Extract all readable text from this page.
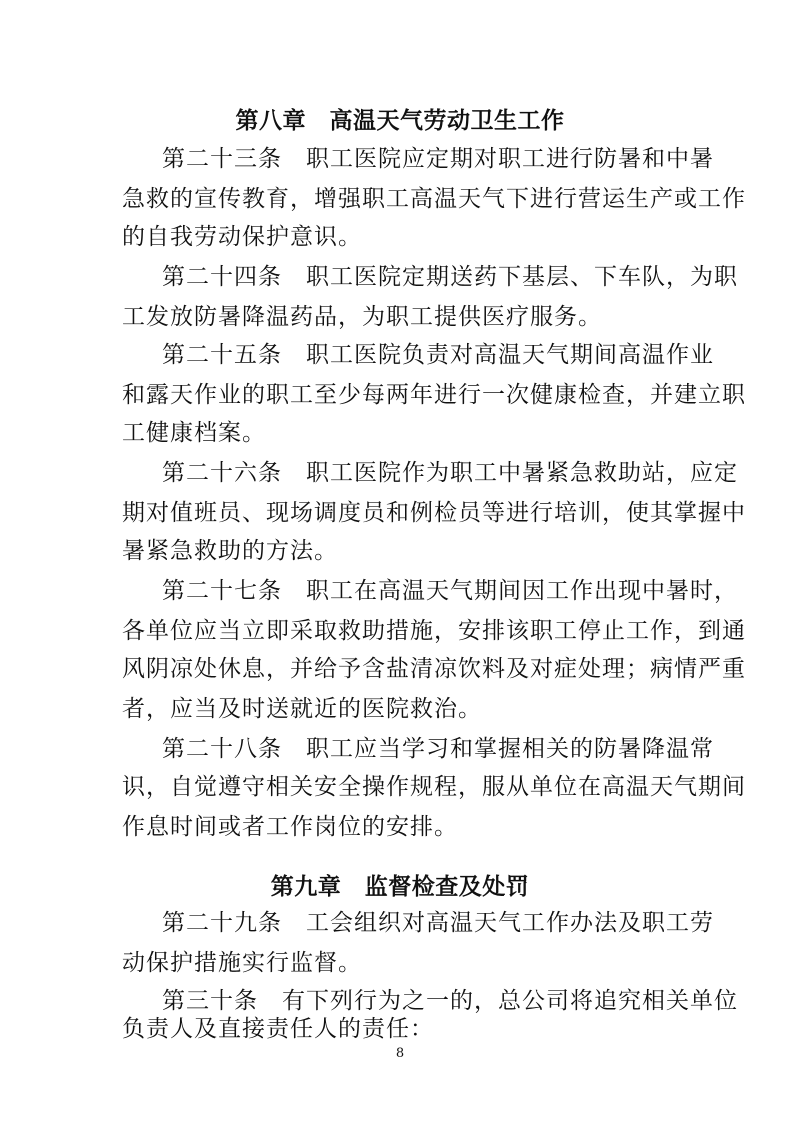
第八章　高温天气劳动卫生工作
第二十三条　职工医院应定期对职工进行防暑和中暑
急救的宣传教育，增强职工高温天气下进行营运生产或工作
的自我劳动保护意识。
第二十四条　职工医院定期送药下基层、下车队，为职
工发放防暑降温药品，为职工提供医疗服务。
第二十五条　职工医院负责对高温天气期间高温作业
和露天作业的职工至少每两年进行一次健康检查，并建立职
工健康档案。
第二十六条　职工医院作为职工中暑紧急救助站，应定
期对值班员、现场调度员和例检员等进行培训，使其掌握中
暑紧急救助的方法。
第二十七条　职工在高温天气期间因工作出现中暑时，
各单位应当立即采取救助措施，安排该职工停止工作，到通
风阴凉处休息，并给予含盐清凉饮料及对症处理；病情严重
者，应当及时送就近的医院救治。
第二十八条　职工应当学习和掌握相关的防暑降温常
识，自觉遵守相关安全操作规程，服从单位在高温天气期间
作息时间或者工作岗位的安排。
第九章　监督检查及处罚
第二十九条　工会组织对高温天气工作办法及职工劳
动保护措施实行监督。
第三十条　有下列行为之一的，总公司将追究相关单位
负责人及直接责任人的责任：
8
